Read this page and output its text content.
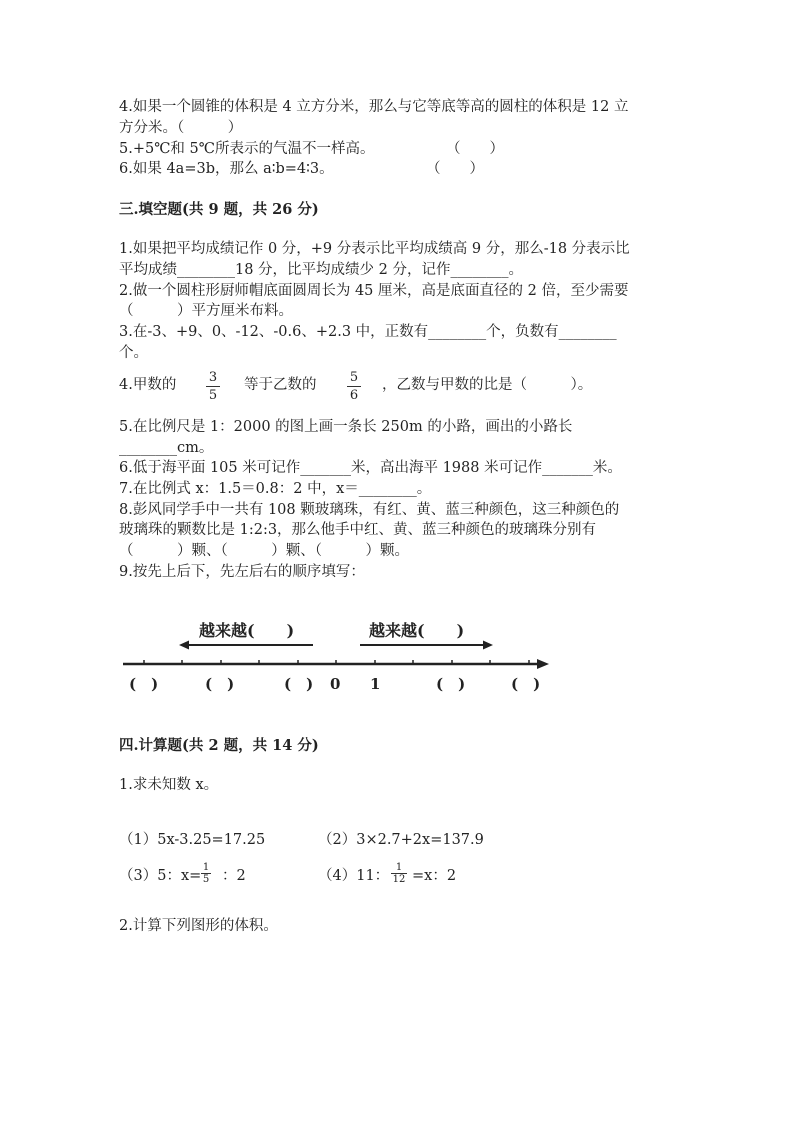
4.如果一个圆锥的体积是 4 立方分米，那么与它等底等高的圆柱的体积是 12 立
方分米。（　　　）
5.+5℃和 5℃所表示的气温不一样高。	（　　）
6.如果 4a=3b，那么 a∶b=4∶3。	（　　）
三.填空题(共 9 题，共 26 分)
1.如果把平均成绩记作 0 分，+9 分表示比平均成绩高 9 分，那么-18 分表示比
平均成绩________18 分，比平均成绩少 2 分，记作________。
2.做一个圆柱形厨师帽底面圆周长为 45 厘米，高是底面直径的 2 倍，至少需要
（　　　）平方厘米布料。
3.在-3、+9、0、-12、-0.6、+2.3 中，正数有________个，负数有________
个。
4.甲数的	3
5
等于乙数的	5
6
，乙数与甲数的比是（　　　）。
5.在比例尺是 1：2000 的图上画一条长 250m 的小路，画出的小路长
________cm。
6.低于海平面 105 米可记作_______米，高出海平 1988 米可记作_______米。
7.在比例式 x：1.5＝0.8：2 中，x＝________。
8.彭风同学手中一共有 108 颗玻璃珠，有红、黄、蓝三种颜色，这三种颜色的
玻璃珠的颗数比是 1:2:3，那么他手中红、黄、蓝三种颜色的玻璃珠分别有
（　　　）颗、（　　　）颗、（　　　）颗。
9.按先上后下，先左后右的顺序填写：
越来越(　　)	越来越(　　)
(　)	(　)	(　) 0 1	(　)	(　)
四.计算题(共 2 题，共 14 分)
1.求未知数 x。
（1）5x-3.25=17.25	（2）3×2.7+2x=137.9
（3）5：x=
1
5 ：2	（4）11：
1
12 =x：2
2.计算下列图形的体积。
